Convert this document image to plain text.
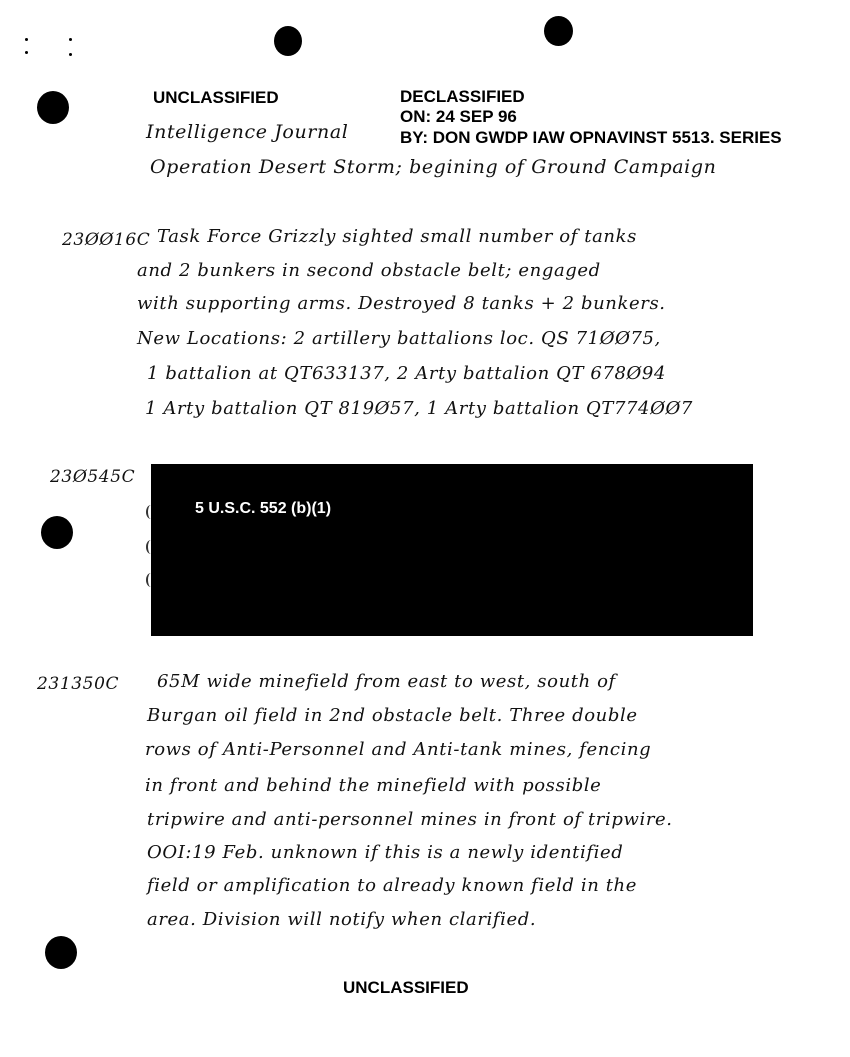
UNCLASSIFIED	DECLASSIFIED
ON: 24 SEP 96
BY: DON GWDP IAW OPNAVINST 5513. SERIES
Intelligence Journal
Operation Desert Storm; begining of Ground Campaign
23ØØ16C Task Force Grizzly sighted small number of tanks
and 2 bunkers in second obstacle belt; engaged
with supporting arms. Destroyed 8 tanks + 2 bunkers.
New Locations: 2 artillery battalions loc. QS 71ØØ75,
1 battalion at QT633137, 2 Arty battalion QT 678Ø94
1 Arty battalion QT 819Ø57, 1 Arty battalion QT774ØØ7
23Ø545C
5 U.S.C. 552 (b)(1)
231350C 65M wide minefield from east to west, south of
Burgan oil field in 2nd obstacle belt. Three double
rows of Anti-Personnel and Anti-tank mines, fencing
in front and behind the minefield with possible
tripwire and anti-personnel mines in front of tripwire.
OOI:19 Feb. unknown if this is a newly identified
field or amplification to already known field in the
area. Division will notify when clarified.
UNCLASSIFIED
